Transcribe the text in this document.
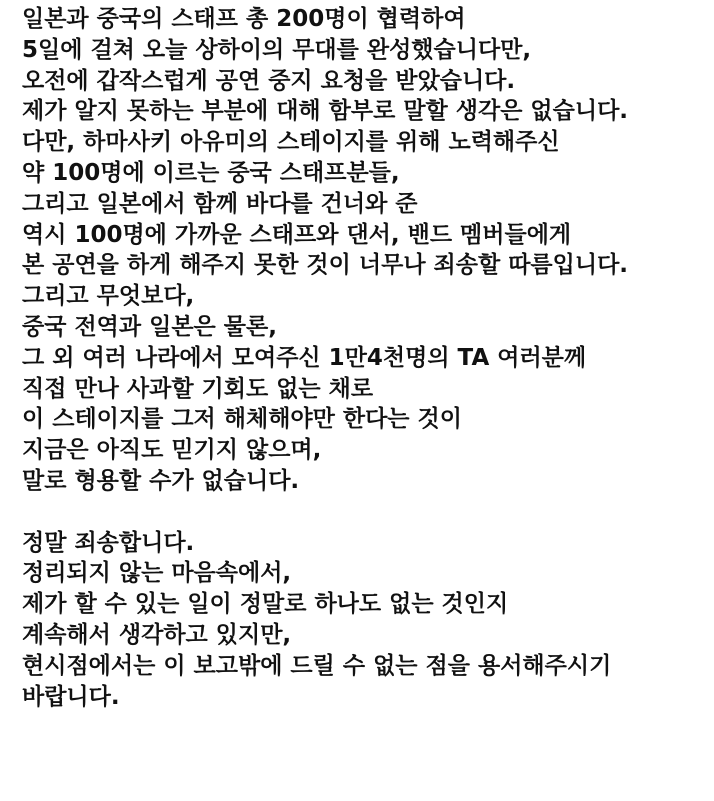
일본과 중국의 스태프 총 200명이 협력하여
5일에 걸쳐 오늘 상하이의 무대를 완성했습니다만,
오전에 갑작스럽게 공연 중지 요청을 받았습니다.
제가 알지 못하는 부분에 대해 함부로 말할 생각은 없습니다.
다만, 하마사키 아유미의 스테이지를 위해 노력해주신
약 100명에 이르는 중국 스태프분들,
그리고 일본에서 함께 바다를 건너와 준
역시 100명에 가까운 스태프와 댄서, 밴드 멤버들에게
본 공연을 하게 해주지 못한 것이 너무나 죄송할 따름입니다.
그리고 무엇보다,
중국 전역과 일본은 물론,
그 외 여러 나라에서 모여주신 1만4천명의 TA 여러분께
직접 만나 사과할 기회도 없는 채로
이 스테이지를 그저 해체해야만 한다는 것이
지금은 아직도 믿기지 않으며,
말로 형용할 수가 없습니다.

정말 죄송합니다.
정리되지 않는 마음속에서,
제가 할 수 있는 일이 정말로 하나도 없는 것인지
계속해서 생각하고 있지만,
현시점에서는 이 보고밖에 드릴 수 없는 점을 용서해주시기
바랍니다.
